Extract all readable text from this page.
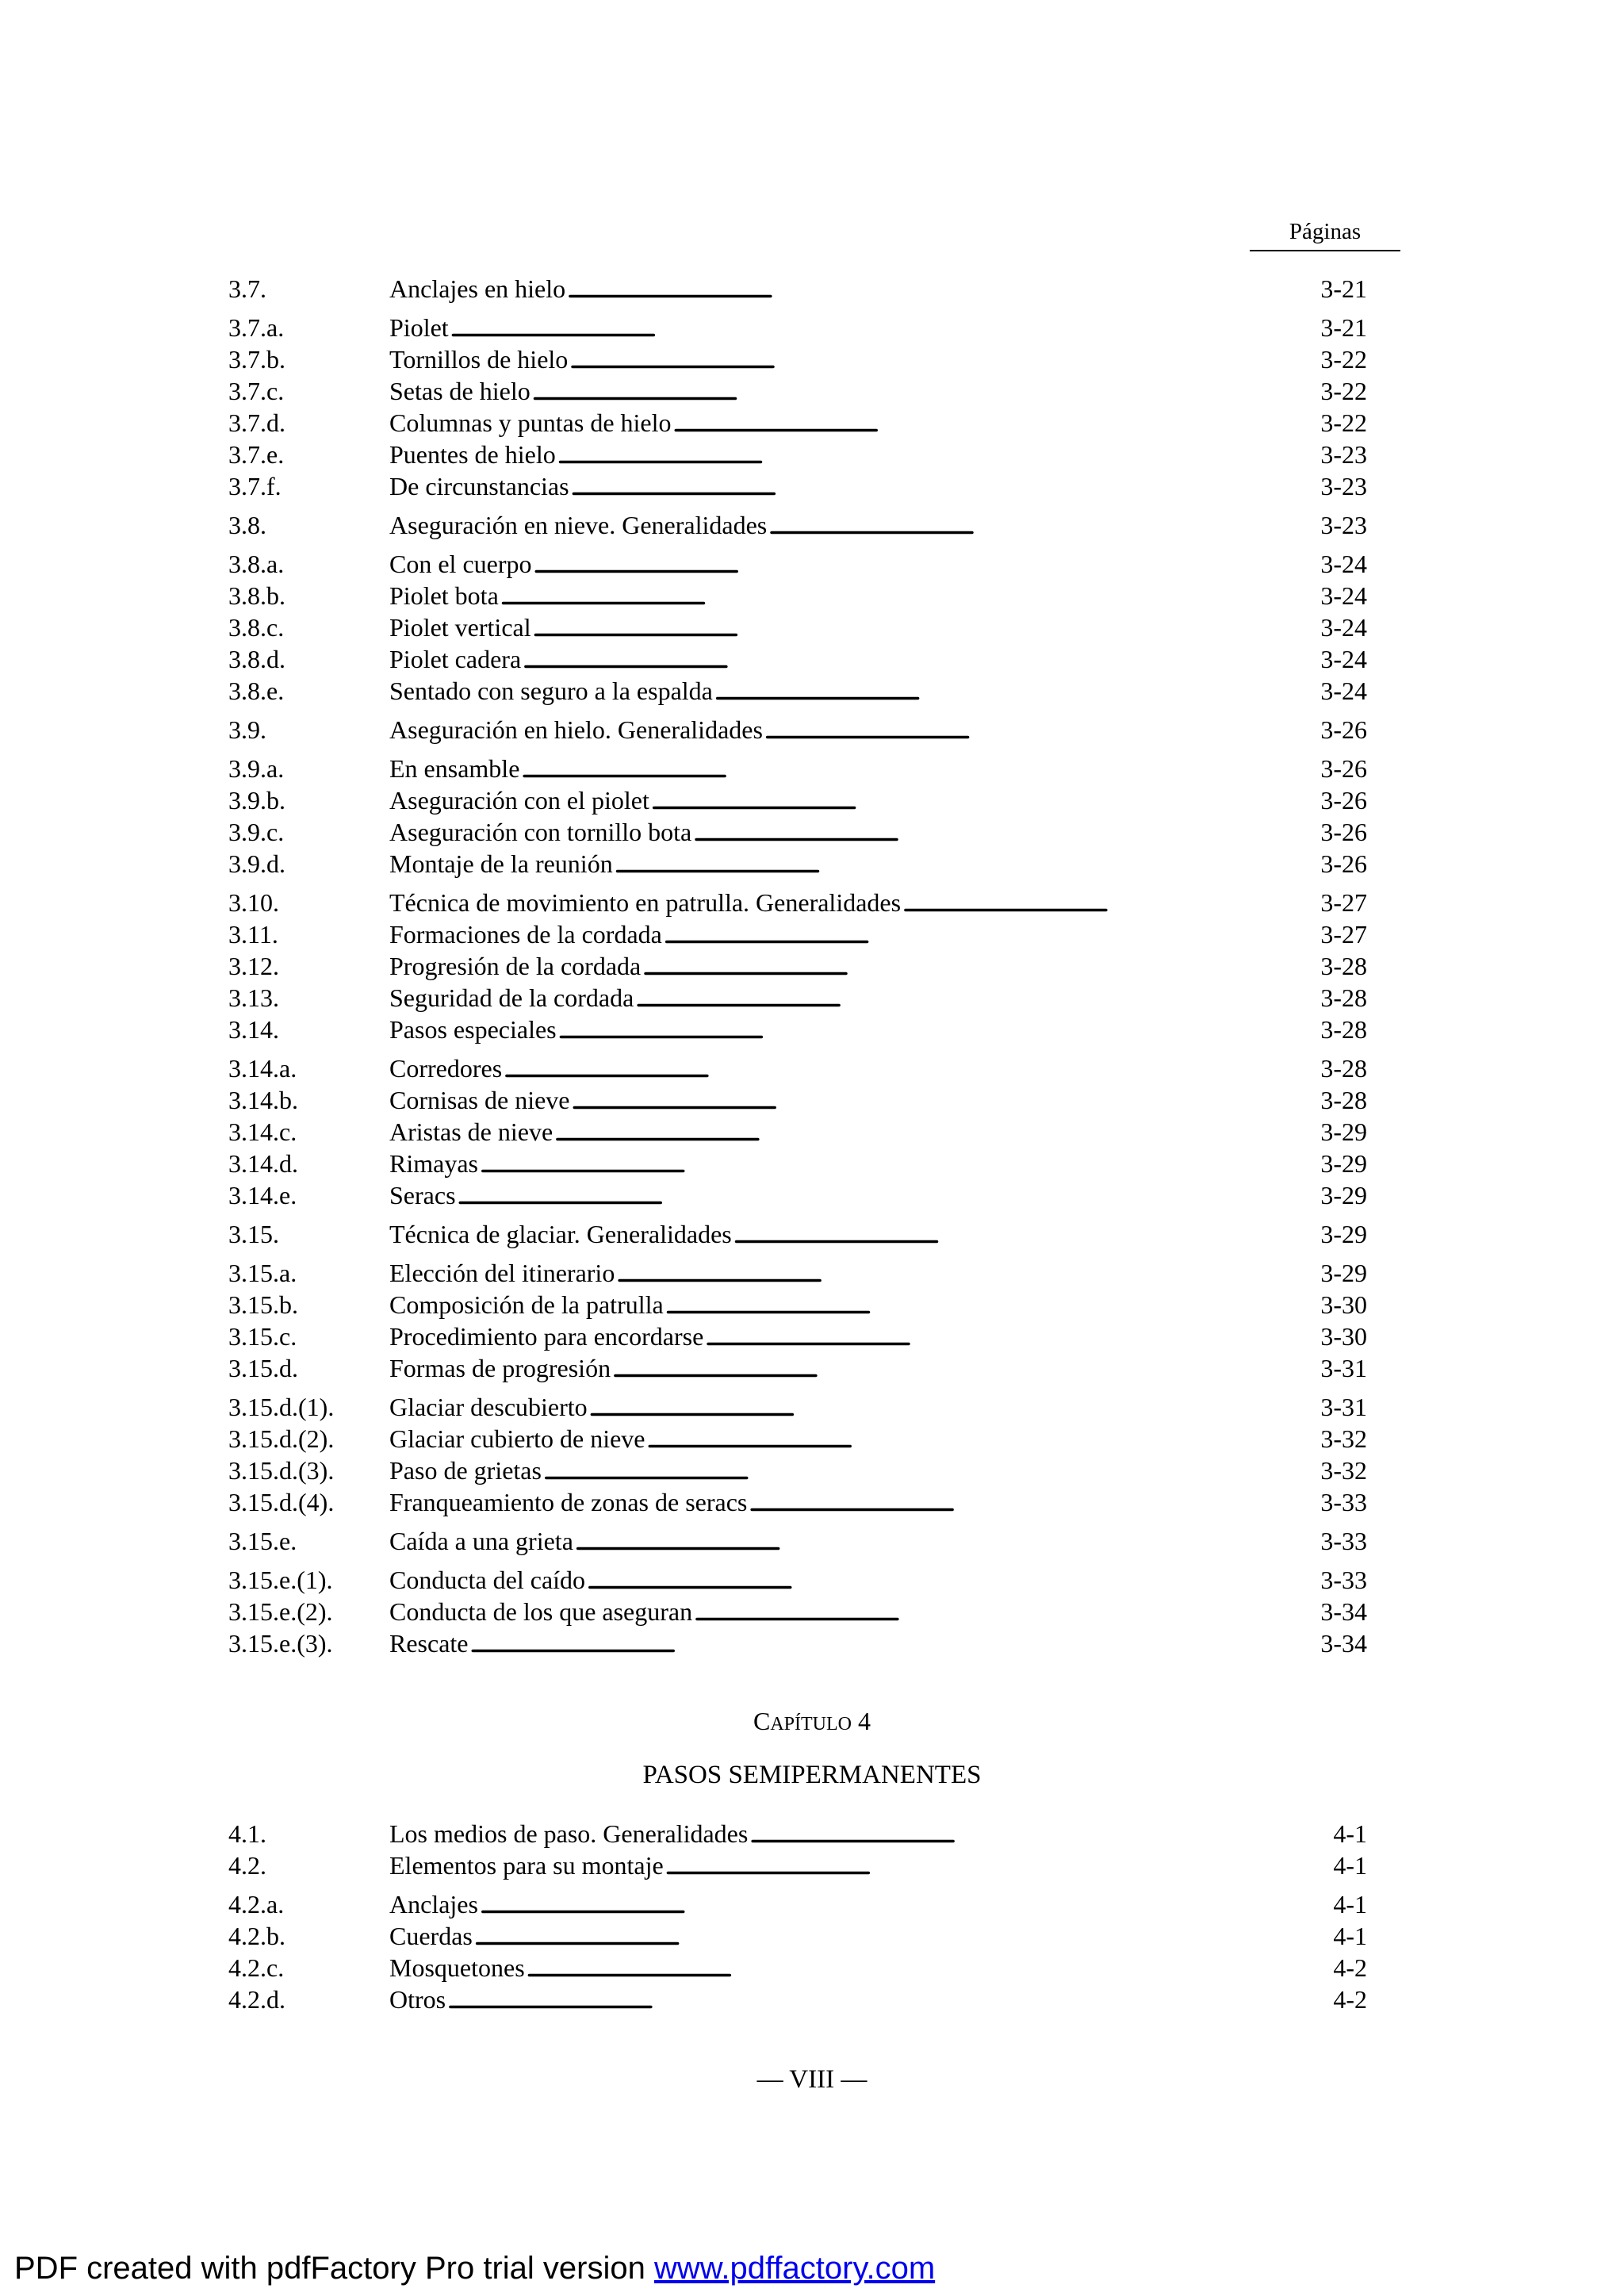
Páginas
3.7.	Anclajes en hielo . . .	3-21
3.7.a.	Piolet . . .	3-21
3.7.b.	Tornillos de hielo . . .	3-22
3.7.c.	Setas de hielo . . .	3-22
3.7.d.	Columnas y puntas de hielo . . .	3-22
3.7.e.	Puentes de hielo . . .	3-23
3.7.f.	De circunstancias . . .	3-23
3.8.	Aseguración en nieve. Generalidades . . .	3-23
3.8.a.	Con el cuerpo . . .	3-24
3.8.b.	Piolet bota . . .	3-24
3.8.c.	Piolet vertical . . .	3-24
3.8.d.	Piolet cadera . . .	3-24
3.8.e.	Sentado con seguro a la espalda . . .	3-24
3.9.	Aseguración en hielo. Generalidades . . .	3-26
3.9.a.	En ensamble . . .	3-26
3.9.b.	Aseguración con el piolet . . .	3-26
3.9.c.	Aseguración con tornillo bota . . .	3-26
3.9.d.	Montaje de la reunión . . .	3-26
3.10.	Técnica de movimiento en patrulla. Generalidades . . .	3-27
3.11.	Formaciones de la cordada . . .	3-27
3.12.	Progresión de la cordada . . .	3-28
3.13.	Seguridad de la cordada . . .	3-28
3.14.	Pasos especiales . . .	3-28
3.14.a.	Corredores . . .	3-28
3.14.b.	Cornisas de nieve . . .	3-28
3.14.c.	Aristas de nieve . . .	3-29
3.14.d.	Rimayas . . .	3-29
3.14.e.	Seracs . . .	3-29
3.15.	Técnica de glaciar. Generalidades . . .	3-29
3.15.a.	Elección del itinerario . . .	3-29
3.15.b.	Composición de la patrulla . . .	3-30
3.15.c.	Procedimiento para encordarse . . .	3-30
3.15.d.	Formas de progresión . . .	3-31
3.15.d.(1).	Glaciar descubierto . . .	3-31
3.15.d.(2).	Glaciar cubierto de nieve . . .	3-32
3.15.d.(3).	Paso de grietas . . .	3-32
3.15.d.(4).	Franqueamiento de zonas de seracs . . .	3-33
3.15.e.	Caída a una grieta . . .	3-33
3.15.e.(1).	Conducta del caído . . .	3-33
3.15.e.(2).	Conducta de los que aseguran . . .	3-34
3.15.e.(3).	Rescate . . .	3-34
CAPÍTULO 4
PASOS SEMIPERMANENTES
4.1.	Los medios de paso. Generalidades . . .	4-1
4.2.	Elementos para su montaje . . .	4-1
4.2.a.	Anclajes . . .	4-1
4.2.b.	Cuerdas . . .	4-1
4.2.c.	Mosquetones . . .	4-2
4.2.d.	Otros . . .	4-2
— VIII —
PDF created with pdfFactory Pro trial version www.pdffactory.com
